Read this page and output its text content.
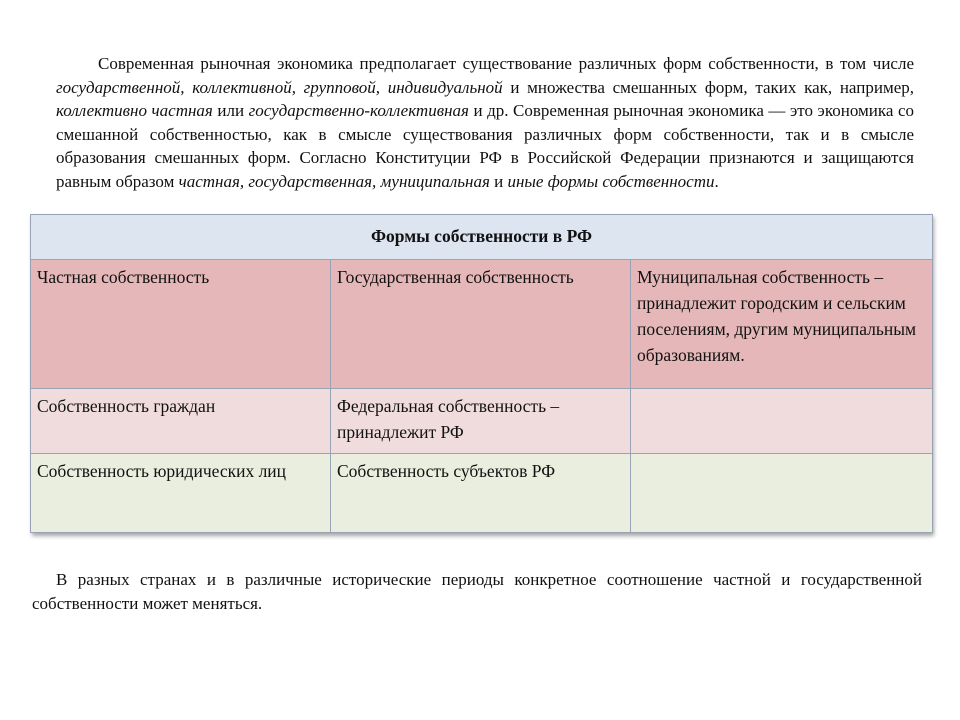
Современная рыночная экономика предполагает существование различных форм собственности, в том числе государственной, коллективной, групповой, индивидуальной и множества смешанных форм, таких как, например, коллективно частная или государственно-коллективная и др. Современная рыночная экономика — это экономика со смешанной собственностью, как в смысле существования различных форм собственности, так и в смысле образования смешанных форм. Согласно Конституции РФ в Российской Федерации признаются и защищаются равным образом частная, государственная, муниципальная и иные формы собственности.

Формы собственности в РФ		
Частная собственность	Государственная собственность	Муниципальная собственность – принадлежит городским и сельским поселениям, другим муниципальным образованиям.
Собственность граждан	Федеральная собственность – принадлежит РФ	
Собственность юридических лиц	Собственность субъектов РФ	

В разных странах и в различные исторические периоды конкретное соотношение частной и государственной собственности может меняться.
